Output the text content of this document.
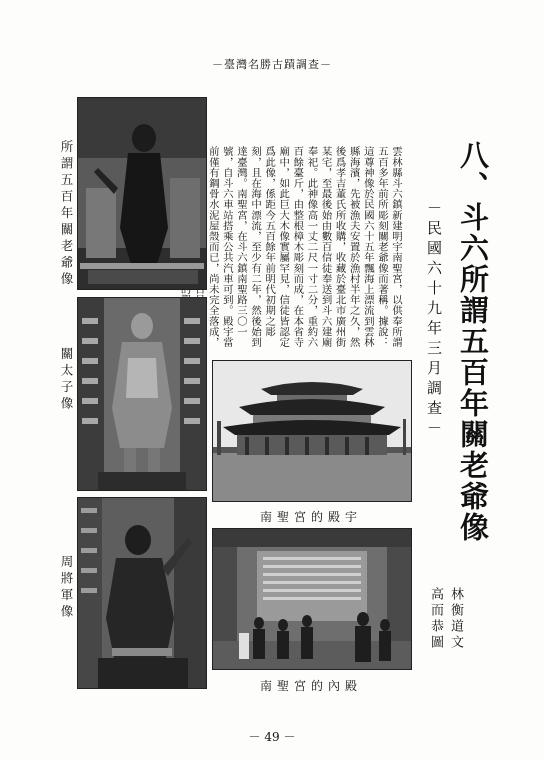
－臺灣名勝古蹟調查－
八、斗六所謂五百年關老爺像
－民國六十九年三月調查－
雲林縣斗六鎮新建明宇南聖宮，以供奉所謂五百多年前所彫刻關老爺像而著稱。據說：這尊神像於民國六十五年飄海上漂流到雲林縣海濱，先被漁夫安置於漁村半年之久，然後爲孝吉董氏所收購，收藏於臺北市廣州街某宅，至最後始由數百信徒奉送到斗六建廟奉祀。此神像高一丈二尺一寸二分，重約六百餘臺斤，由整根樟木彫刻而成，在本省寺廟中，如此巨大木像實屬罕見，信徒皆認定爲此像，係距今五百餘年前明代初期之彫刻，且在海中漂流，至少有二年，然後始到達臺灣。南聖宮，在斗六鎮南聖路三〇一號，自斗六車站搭乘公共汽車可到。殿宇當前僅有鋼骨水泥屋殼而已，尚未完全落成， 參觀者，日見增多中， 鎮首一指的觀光勝地。
所謂五百年關老爺像
關太子像
周將軍像
南聖宮的殿宇
南聖宮的內殿
林衡道文
高而恭圖
－ 49 －
